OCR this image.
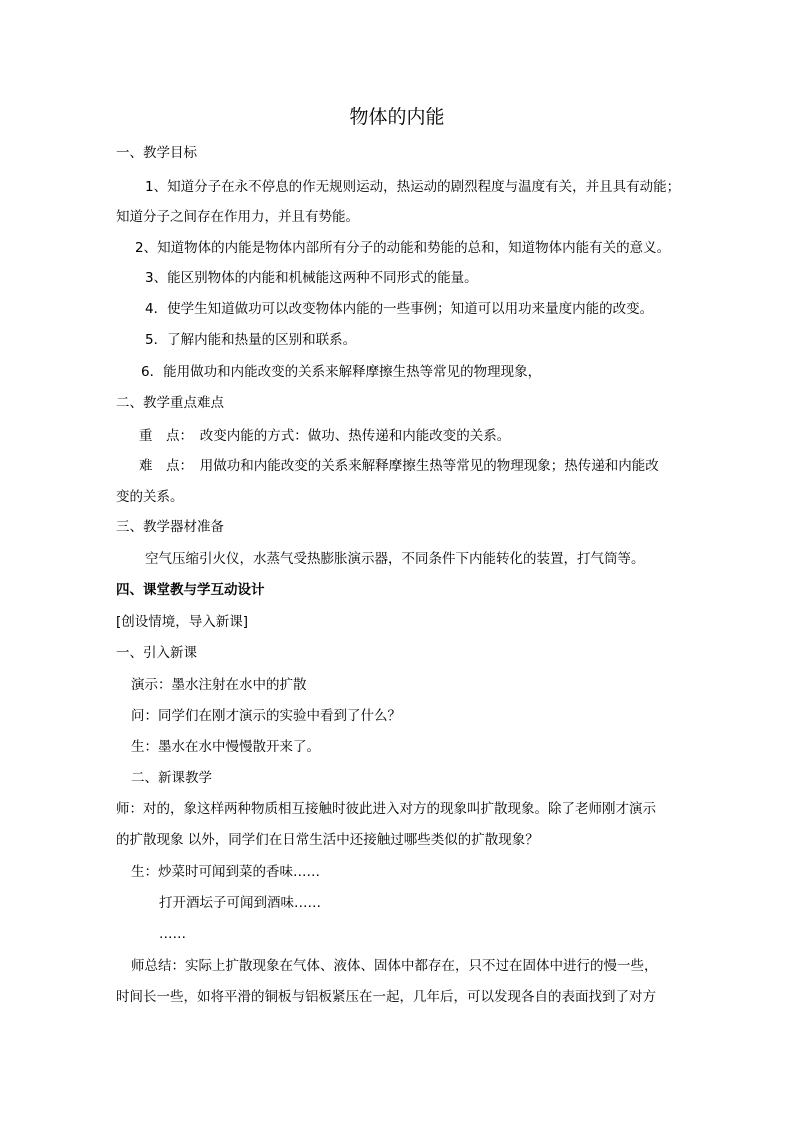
物体的内能
一、教学目标
1、知道分子在永不停息的作无规则运动，热运动的剧烈程度与温度有关，并且具有动能；
知道分子之间存在作用力，并且有势能。
2、知道物体的内能是物体内部所有分子的动能和势能的总和，知道物体内能有关的意义。
3、能区别物体的内能和机械能这两种不同形式的能量。
4．使学生知道做功可以改变物体内能的一些事例；知道可以用功来量度内能的改变。
5．了解内能和热量的区别和联系。
6．能用做功和内能改变的关系来解释摩擦生热等常见的物理现象，
二、教学重点难点
重　点：　改变内能的方式：做功、热传递和内能改变的关系。
难　点：　用做功和内能改变的关系来解释摩擦生热等常见的物理现象；热传递和内能改
变的关系。
三、教学器材准备
空气压缩引火仪，水蒸气受热膨胀演示器，不同条件下内能转化的装置，打气筒等。
四、课堂教与学互动设计
[创设情境，导入新课]
一、引入新课
演示：墨水注射在水中的扩散
问：同学们在刚才演示的实验中看到了什么？
生：墨水在水中慢慢散开来了。
二、新课教学
师：对的，象这样两种物质相互接触时彼此进入对方的现象叫扩散现象。除了老师刚才演示
的扩散现象 以外，同学们在日常生活中还接触过哪些类似的扩散现象？
生：炒菜时可闻到菜的香味……
打开酒坛子可闻到酒味……
……
师总结：实际上扩散现象在气体、液体、固体中都存在，只不过在固体中进行的慢一些，
时间长一些，如将平滑的铜板与铝板紧压在一起，几年后，可以发现各自的表面找到了对方
